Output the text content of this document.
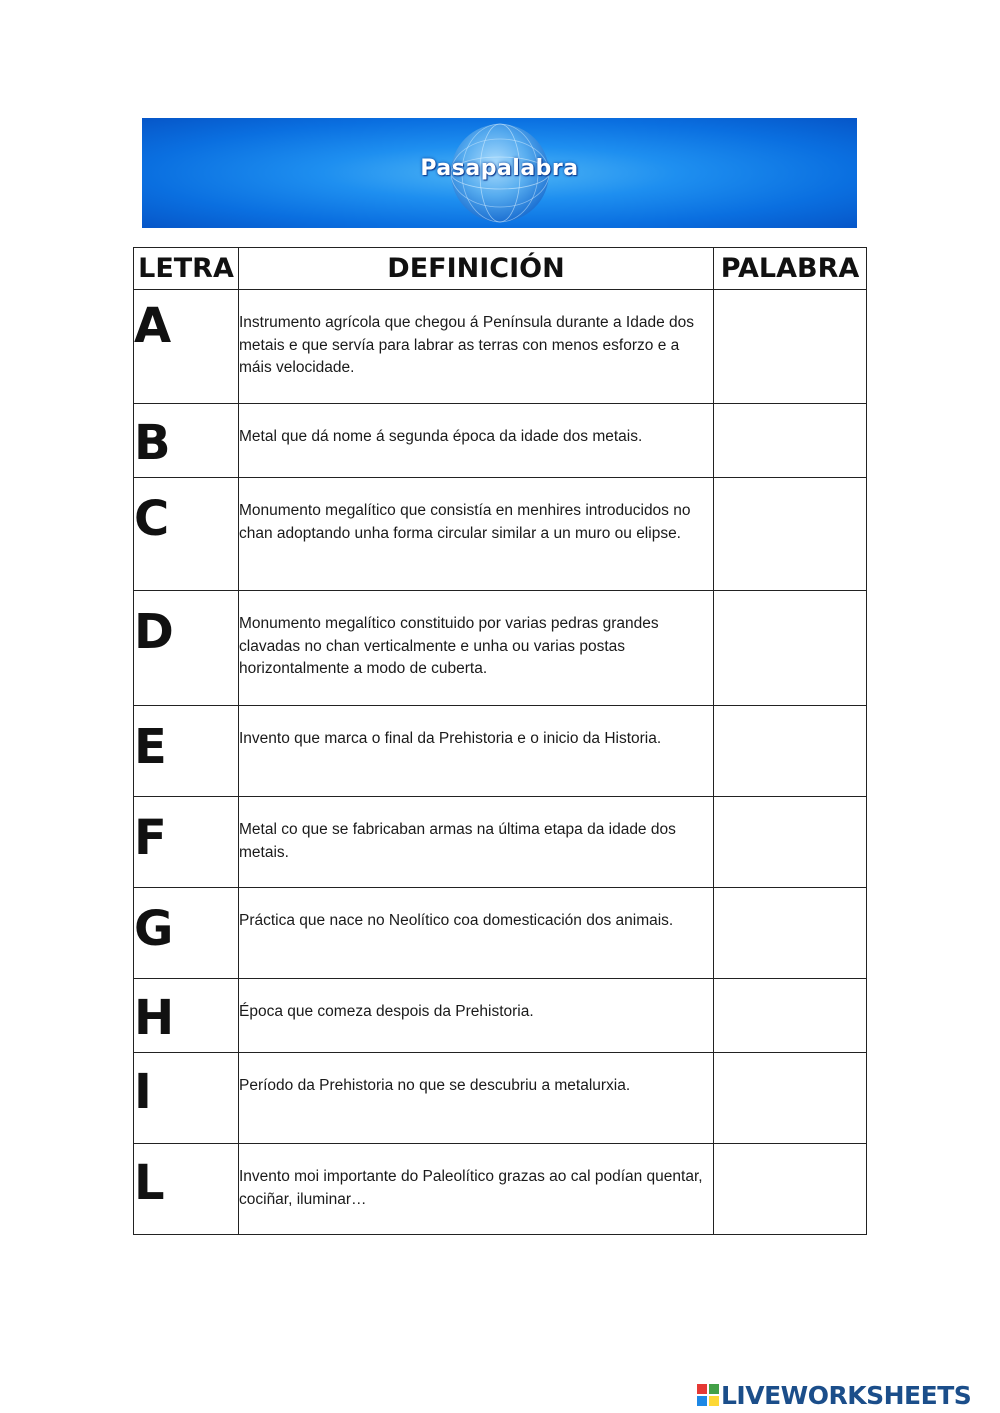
Pasapalabra
LETRA	DEFINICIÓN	PALABRA
A	Instrumento agrícola que chegou á Península durante a Idade dos metais e que servía para labrar as terras con menos esforzo e a máis velocidade.	
B	Metal que dá nome á segunda época da idade dos metais.	
C	Monumento megalítico que consistía en menhires introducidos no chan adoptando unha forma circular similar a un muro ou elipse.	
D	Monumento megalítico constituido por varias pedras grandes clavadas no chan verticalmente e unha ou varias postas horizontalmente a modo de cuberta.	
E	Invento que marca o final da Prehistoria e o inicio da Historia.	
F	Metal co que se fabricaban armas na última etapa da idade dos metais.	
G	Práctica que nace no Neolítico coa domesticación dos animais.	
H	Época que comeza despois da Prehistoria.	
I	Período da Prehistoria no que se descubriu a metalurxia.	
L	Invento moi importante do Paleolítico grazas ao cal podían quentar, cociñar, iluminar…	
LIVEWORKSHEETS
